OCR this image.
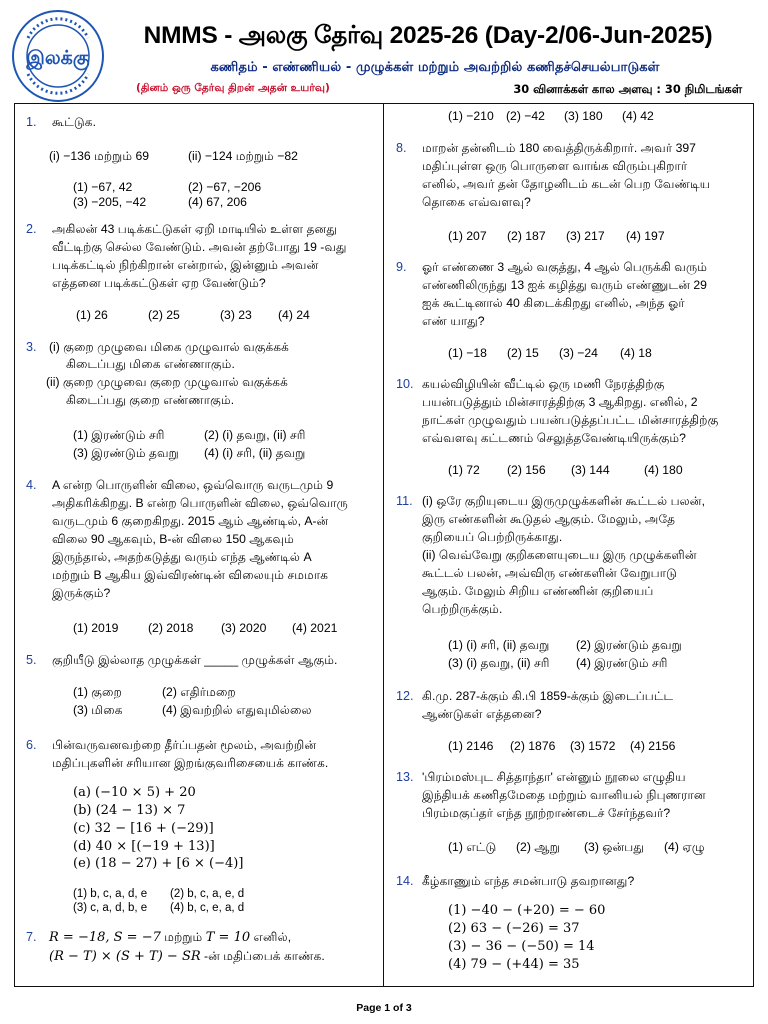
இலக்கு
NMMS - அலகு தேர்வு 2025-26 (Day-2/06-Jun-2025)
கணிதம் - எண்ணியல் - முழுக்கள் மற்றும் அவற்றில் கணிதச்செயல்பாடுகள்
(தினம் ஒரு தேர்வு திறன் அதன் உயர்வு)	30 வினாக்கள் கால அளவு : 30 நிமிடங்கள்
1. கூட்டுக.
(i) −136 மற்றும் 69	(ii) −124 மற்றும் −82
(1) −67, 42	(2) −67, −206
(3) −205, −42	(4) 67, 206
2. அகிலன் 43 படிக்கட்டுகள் ஏறி மாடியில் உள்ள தனது
வீட்டிற்கு செல்ல வேண்டும். அவன் தற்போது 19 -வது
படிக்கட்டில் நிற்கிறான் என்றால், இன்னும் அவன்
எத்தனை படிக்கட்டுகள் ஏற வேண்டும்?
(1) 26	(2) 25	(3) 23 (4) 24
3. (i) குறை முழுவை மிகை முழுவால் வகுக்கக்
கிடைப்பது மிகை எண்ணாகும்.
(ii) குறை முழுவை குறை முழுவால் வகுக்கக்
கிடைப்பது குறை எண்ணாகும்.
(1) இரண்டும் சரி	(2) (i) தவறு, (ii) சரி
(3) இரண்டும் தவறு (4) (i) சரி, (ii) தவறு
4. A என்ற பொருளின் விலை, ஒவ்வொரு வருடமும் 9
அதிகரிக்கிறது. B என்ற பொருளின் விலை, ஒவ்வொரு
வருடமும் 6 குறைகிறது. 2015 ஆம் ஆண்டில், A-ன்
விலை 90 ஆகவும், B-ன் விலை 150 ஆகவும்
இருந்தால், அதற்கடுத்து வரும் எந்த ஆண்டில் A
மற்றும் B ஆகிய இவ்விரண்டின் விலையும் சமமாக
இருக்கும்?
(1) 2019 (2) 2018 (3) 2020 (4) 2021
5. குறியீடு இல்லாத முழுக்கள் _____ முழுக்கள் ஆகும்.
(1) குறை	(2) எதிர்மறை
(3) மிகை	(4) இவற்றில் எதுவுமில்லை
6. பின்வருவனவற்றை தீர்ப்பதன் மூலம், அவற்றின்
மதிப்புகளின் சரியான இறங்குவரிசையைக் காண்க.
(a) (−10 × 5) + 20
(b) (24 − 13) × 7
(c) 32 − [16 + (−29)]
(d) 40 × [(−19 + 13)]
(e) (18 − 27) + [6 × (−4)]
(1) b, c, a, d, e (2) b, c, a, e, d
(3) c, a, d, b, e (4) b, c, e, a, d
7. R = −18, S = −7 மற்றும் T = 10 எனில்,
(R − T) × (S + T) − SR -ன் மதிப்பைக் காண்க.
(1) −210 (2) −42 (3) 180 (4) 42
8. மாறன் தன்னிடம் 180 வைத்திருக்கிறார். அவர் 397
மதிப்புள்ள ஒரு பொருளை வாங்க விரும்புகிறார்
எனில், அவர் தன் தோழனிடம் கடன் பெற வேண்டிய
தொகை எவ்வளவு?
(1) 207 (2) 187 (3) 217 (4) 197
9. ஓர் எண்ணை 3 ஆல் வகுத்து, 4 ஆல் பெருக்கி வரும்
எண்ணிலிருந்து 13 ஐக் கழித்து வரும் எண்ணுடன் 29
ஐக் கூட்டினால் 40 கிடைக்கிறது எனில், அந்த ஓர்
எண் யாது?
(1) −18 (2) 15 (3) −24 (4) 18
10. கயல்விழியின் வீட்டில் ஒரு மணி நேரத்திற்கு
பயன்படுத்தும் மின்சாரத்திற்கு 3 ஆகிறது. எனில், 2
நாட்கள் முழுவதும் பயன்படுத்தப்பட்ட மின்சாரத்திற்கு
எவ்வளவு கட்டணம் செலுத்தவேண்டியிருக்கும்?
(1) 72 (2) 156 (3) 144	(4) 180
11. (i) ஒரே குறியுடைய இருமுழுக்களின் கூட்டல் பலன்,
இரு எண்களின் கூடுதல் ஆகும். மேலும், அதே
குறியைப் பெற்றிருக்காது.
(ii) வெவ்வேறு குறிகளையுடைய இரு முழுக்களின்
கூட்டல் பலன், அவ்விரு எண்களின் வேறுபாடு
ஆகும். மேலும் சிறிய எண்ணின் குறியைப்
பெற்றிருக்கும்.
(1) (i) சரி, (ii) தவறு (2) இரண்டும் தவறு
(3) (i) தவறு, (ii) சரி (4) இரண்டும் சரி
12. கி.மு. 287-க்கும் கி.பி 1859-க்கும் இடைப்பட்ட
ஆண்டுகள் எத்தனை?
(1) 2146 (2) 1876 (3) 1572 (4) 2156
13. 'பிரம்மஸ்புட சித்தாந்தா' என்னும் நூலை எழுதிய
இந்தியக் கணிதமேதை மற்றும் வானியல் நிபுணரான
பிரம்மகுப்தர் எந்த நூற்றாண்டைச் சேர்ந்தவர்?
(1) எட்டு (2) ஆறு (3) ஒன்பது (4) ஏழு
14. கீழ்காணும் எந்த சமன்பாடு தவறானது?
(1) −40 − (+20) = − 60
(2) 63 − (−26) = 37
(3) − 36 − (−50) = 14
(4) 79 − (+44) = 35
Page 1 of 3
